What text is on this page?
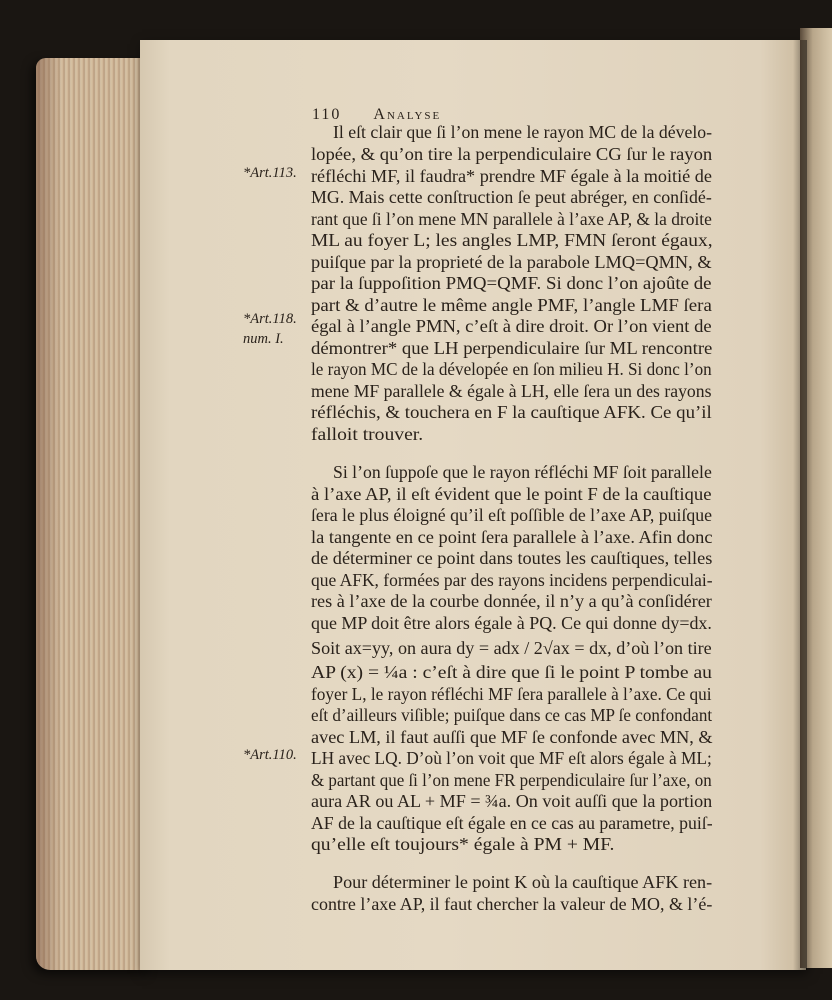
110 Analyse
*Art.113.
*Art.118.
num. I.
*Art.110.
Il eſt clair que ſi l’on mene le rayon MC de la dévelo-
lopée, & qu’on tire la perpendiculaire CG ſur le rayon
réfléchi MF, il faudra* prendre MF égale à la moitié de
MG. Mais cette conſtruction ſe peut abréger, en conſidé-
rant que ſi l’on mene MN parallele à l’axe AP, & la droite
ML au foyer L; les angles LMP, FMN ſeront égaux,
puiſque par la proprieté de la parabole LMQ=QMN, &
par la ſuppoſition PMQ=QMF. Si donc l’on ajoûte de
part & d’autre le même angle PMF, l’angle LMF ſera
égal à l’angle PMN, c’eſt à dire droit. Or l’on vient de
démontrer* que LH perpendiculaire ſur ML rencontre
le rayon MC de la dévelopée en ſon milieu H. Si donc l’on
mene MF parallele & égale à LH, elle ſera un des rayons
réfléchis, & touchera en F la cauſtique AFK. Ce qu’il
falloit trouver.
Si l’on ſuppoſe que le rayon réfléchi MF ſoit parallele
à l’axe AP, il eſt évident que le point F de la cauſtique
ſera le plus éloigné qu’il eſt poſſible de l’axe AP, puiſque
la tangente en ce point ſera parallele à l’axe. Afin donc
de déterminer ce point dans toutes les cauſtiques, telles
que AFK, formées par des rayons incidens perpendiculai-
res à l’axe de la courbe donnée, il n’y a qu’à conſidérer
que MP doit être alors égale à PQ. Ce qui donne dy=dx.
Soit ax=yy, on aura dy = adx / 2√ax = dx, d’où l’on tire
AP (x) = ¼a : c’eſt à dire que ſi le point P tombe au
foyer L, le rayon réfléchi MF ſera parallele à l’axe. Ce qui
eſt d’ailleurs viſible; puiſque dans ce cas MP ſe confondant
avec LM, il faut auſſi que MF ſe confonde avec MN, &
LH avec LQ. D’où l’on voit que MF eſt alors égale à ML;
& partant que ſi l’on mene FR perpendiculaire ſur l’axe, on
aura AR ou AL + MF = ¾a. On voit auſſi que la portion
AF de la cauſtique eſt égale en ce cas au parametre, puiſ-
qu’elle eſt toujours* égale à PM + MF.
Pour déterminer le point K où la cauſtique AFK ren-
contre l’axe AP, il faut chercher la valeur de MO, & l’é-
